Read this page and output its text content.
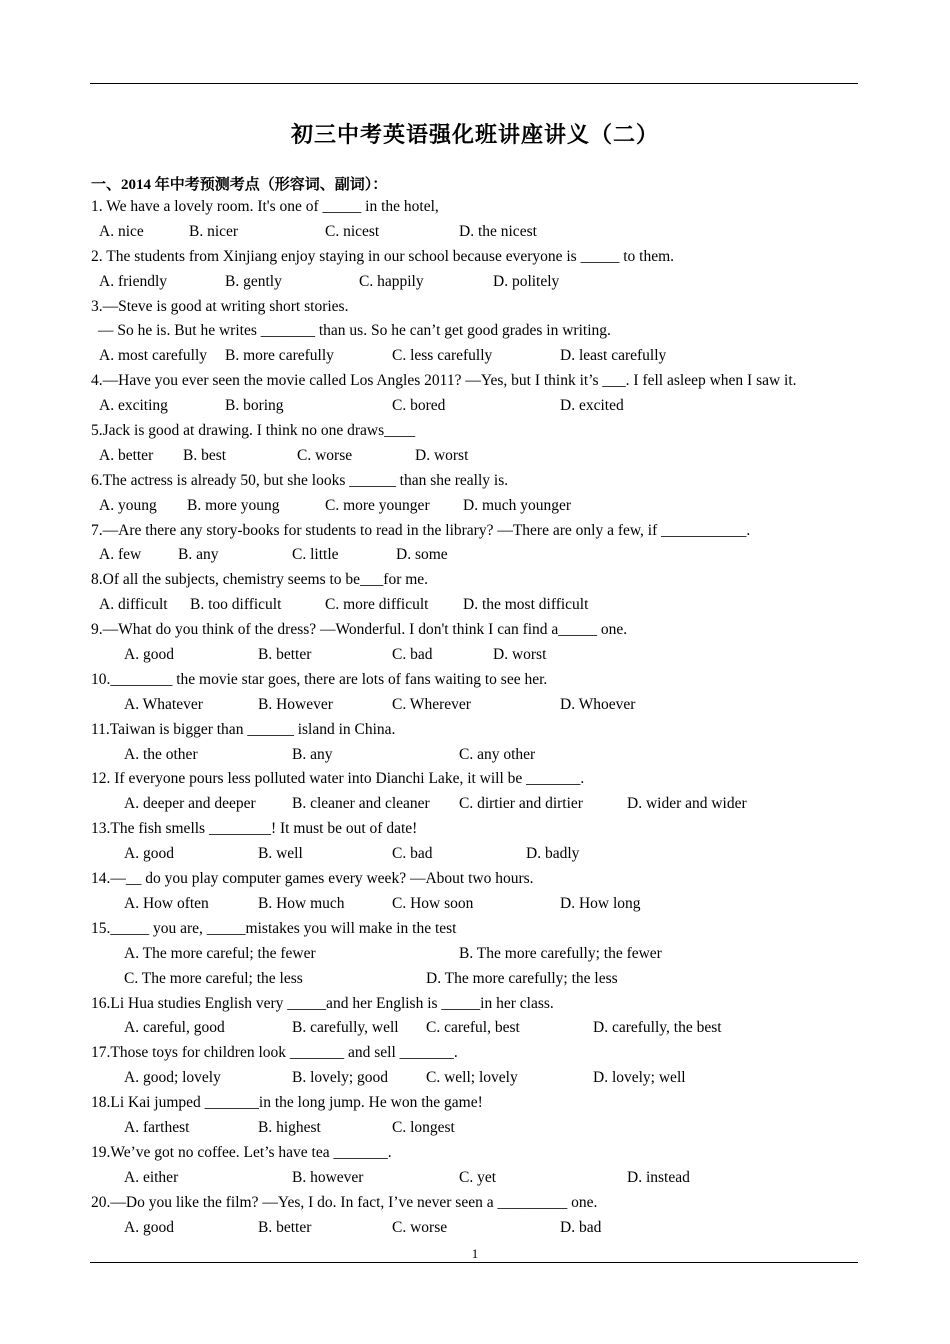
初三中考英语强化班讲座讲义（二）
一、2014 年中考预测考点（形容词、副词）：
1. We have a lovely room. It's one of _____ in the hotel,
A. nice	B. nicer	C. nicest	D. the nicest
2. The students from Xinjiang enjoy staying in our school because everyone is _____ to them.
A. friendly	B. gently	C. happily	D. politely
3.—Steve is good at writing short stories.
— So he is. But he writes _______ than us. So he can’t get good grades in writing.
A. most carefully B. more carefully	C. less carefully	D. least carefully
4.—Have you ever seen the movie called Los Angles 2011? —Yes, but I think it’s ___. I fell asleep when I saw it.
A. exciting	B. boring	C. bored	D. excited
5.Jack is good at drawing. I think no one draws____
A. better B. best	C. worse	D. worst
6.The actress is already 50, but she looks ______ than she really is.
A. young B. more young	C. more younger D. much younger
7.—Are there any story-books for students to read in the library? —There are only a few, if ___________.
A. few B. any	C. little	D. some
8.Of all the subjects, chemistry seems to be___for me.
A. difficult B. too difficult	C. more difficult D. the most difficult
9.—What do you think of the dress? —Wonderful. I don't think I can find a_____ one.
A. good	B. better	C. bad	D. worst
10.________ the movie star goes, there are lots of fans waiting to see her.
A. Whatever	B. However	C. Wherever	D. Whoever
11.Taiwan is bigger than ______ island in China.
A. the other	B. any	C. any other
12. If everyone pours less polluted water into Dianchi Lake, it will be _______.
A. deeper and deeper B. cleaner and cleaner C. dirtier and dirtier	D. wider and wider
13.The fish smells ________! It must be out of date!
A. good	B. well	C. bad	D. badly
14.—__ do you play computer games every week? —About two hours.
A. How often	B. How much	C. How soon	D. How long
15._____ you are, _____mistakes you will make in the test
A. The more careful; the fewer	B. The more carefully; the fewer
C. The more careful; the less	D. The more carefully; the less
16.Li Hua studies English very _____and her English is _____in her class.
A. careful, good	B. carefully, well C. careful, best	D. carefully, the best
17.Those toys for children look _______ and sell _______.
A. good; lovely	B. lovely; good C. well; lovely	D. lovely; well
18.Li Kai jumped _______in the long jump. He won the game!
A. farthest	B. highest	C. longest
19.We’ve got no coffee. Let’s have tea _______.
A. either	B. however	C. yet	D. instead
20.—Do you like the film? —Yes, I do. In fact, I’ve never seen a _________ one.
A. good	B. better	C. worse	D. bad
1
